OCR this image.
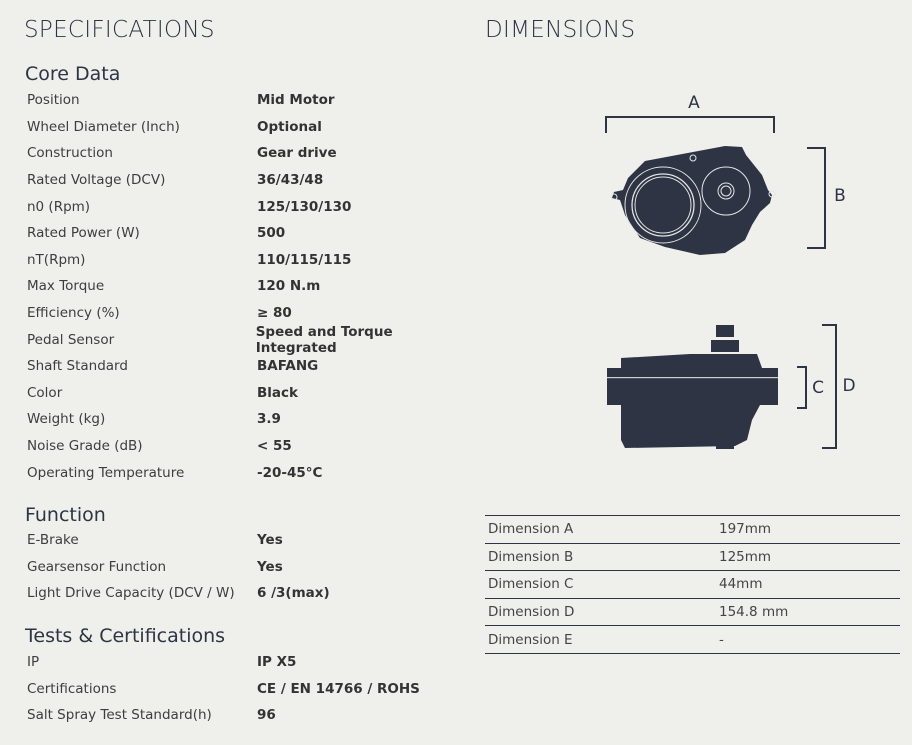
SPECIFICATIONS	DIMENSIONS
Core Data
Position	Mid Motor
Wheel Diameter (Inch)	Optional
Construction	Gear drive
Rated Voltage (DCV)	36/43/48
n0 (Rpm)	125/130/130
Rated Power (W)	500
nT(Rpm)	110/115/115
Max Torque	120 N.m
Efficiency (%)	≥ 80
Pedal Sensor	Speed and Torque Integrated
Shaft Standard	BAFANG
Color	Black
Weight (kg)	3.9
Noise Grade (dB)	< 55
Operating Temperature	-20-45°C
Function
E-Brake	Yes
Gearsensor Function	Yes
Light Drive Capacity (DCV / W)	6 /3(max)
Tests & Certifications
IP	IP X5
Certifications	CE / EN 14766 / ROHS
Salt Spray Test Standard(h)	96
A
B
C D
Dimension A	197mm
Dimension B	125mm
Dimension C	44mm
Dimension D	154.8 mm
Dimension E	-
